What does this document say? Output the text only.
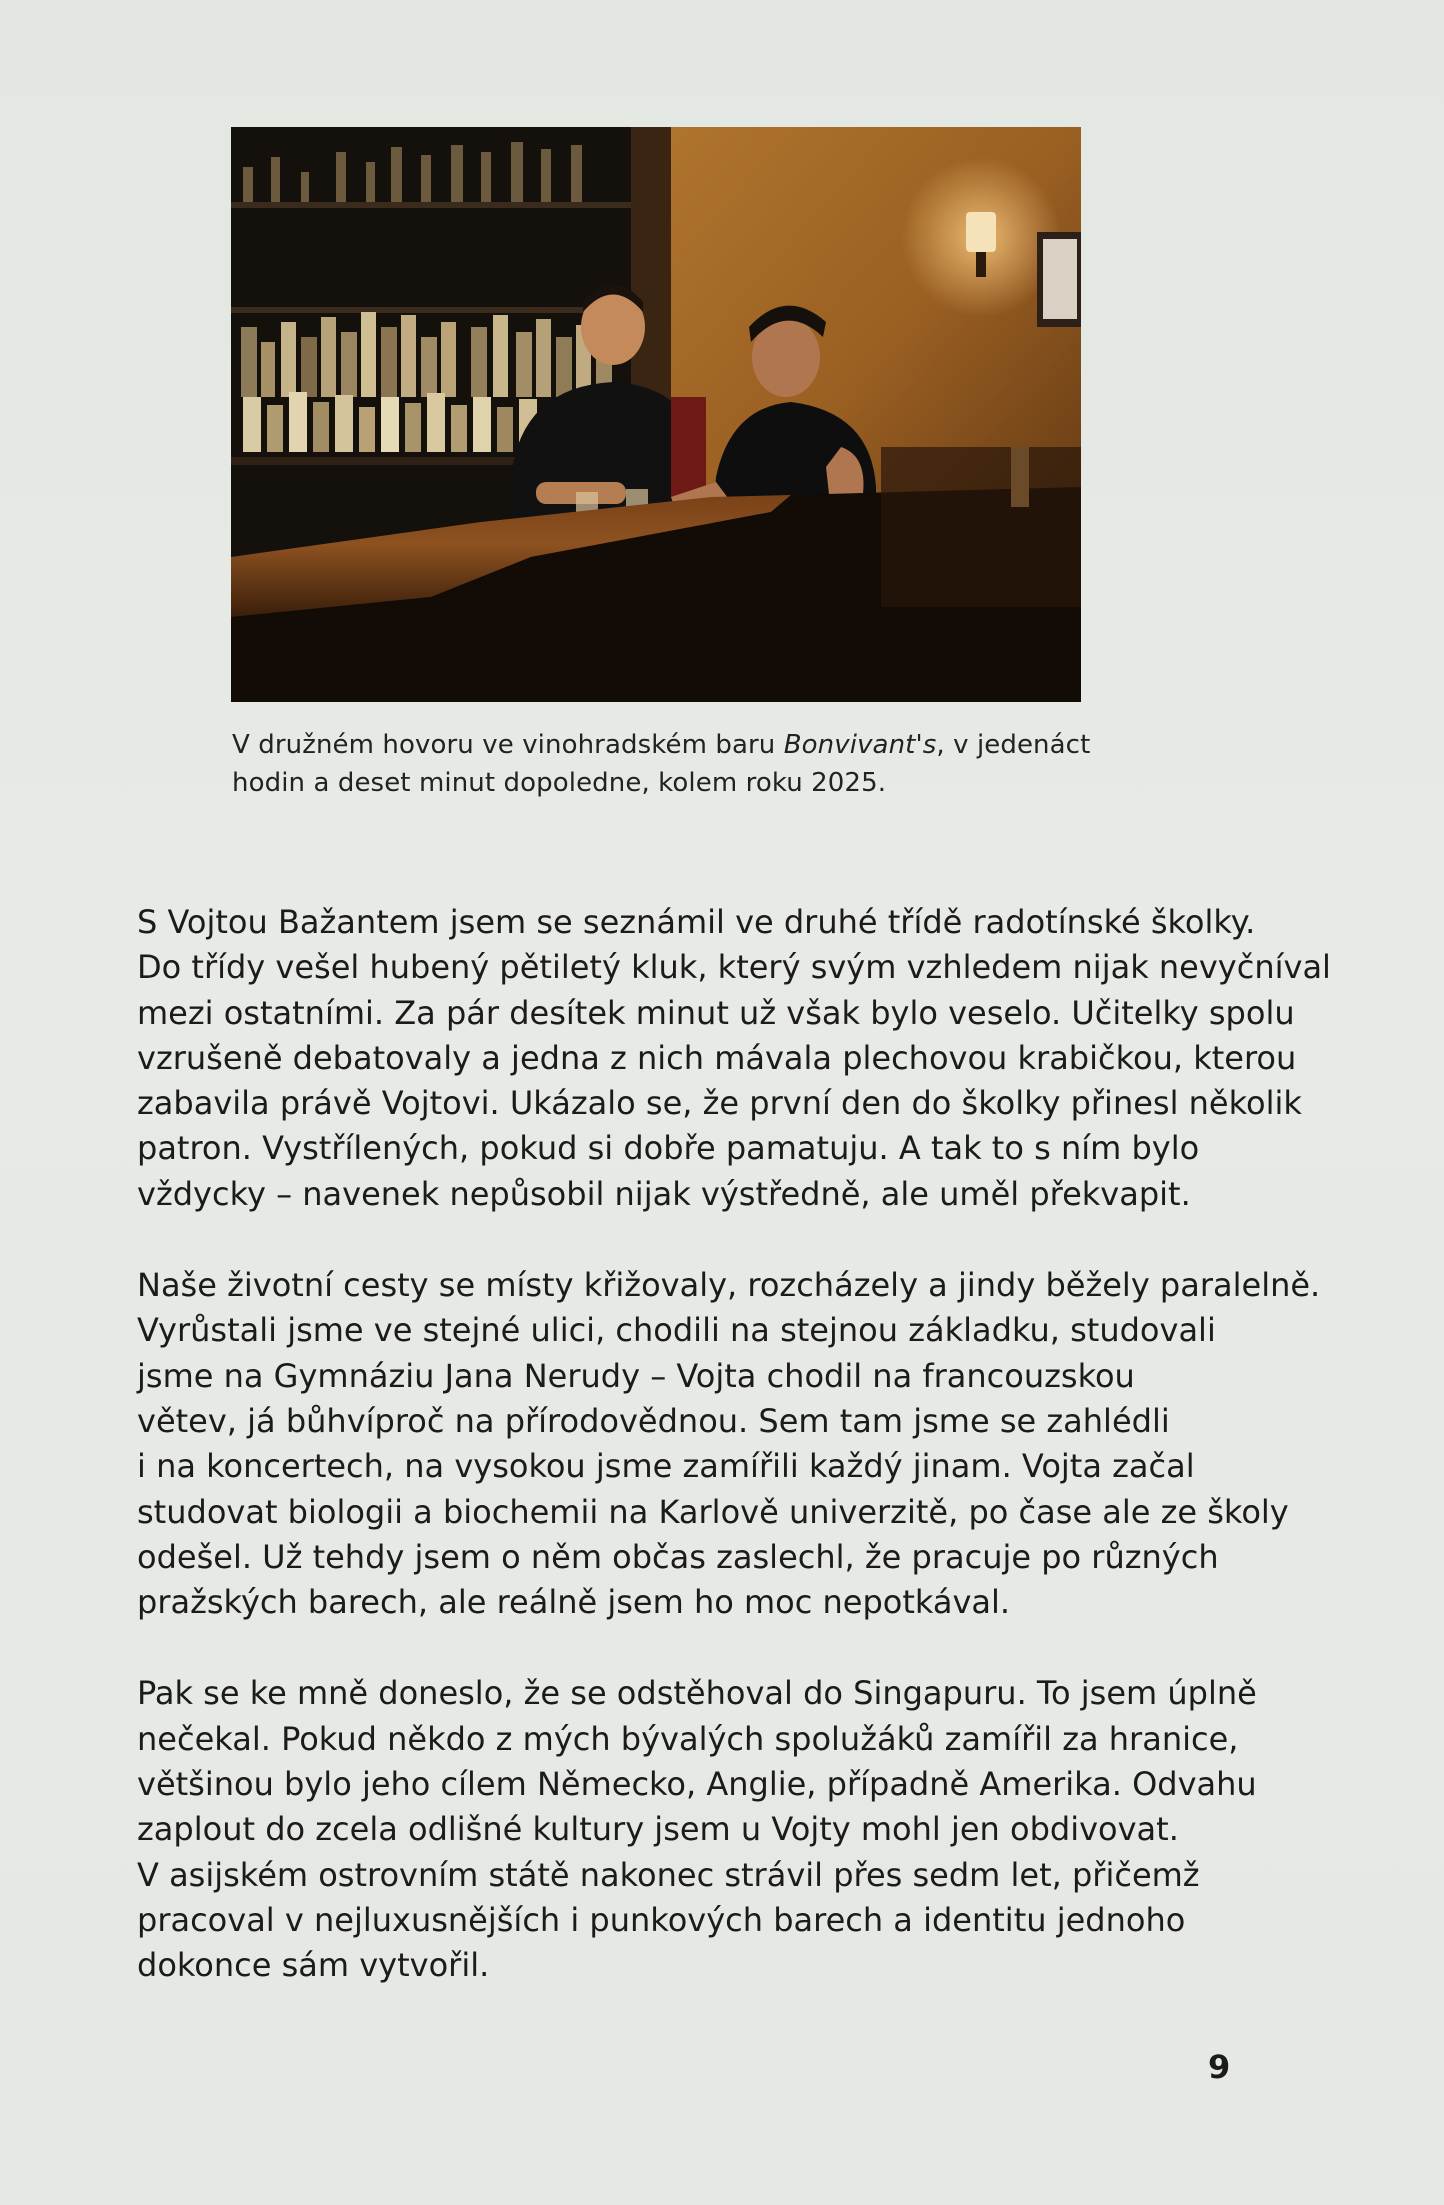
V družném hovoru ve vinohradském baru Bonvivant's, v jedenáct
hodin a deset minut dopoledne, kolem roku 2025.
S Vojtou Bažantem jsem se seznámil ve druhé třídě radotínské školky.
Do třídy vešel hubený pětiletý kluk, který svým vzhledem nijak nevyčníval
mezi ostatními. Za pár desítek minut už však bylo veselo. Učitelky spolu
vzrušeně debatovaly a jedna z nich mávala plechovou krabičkou, kterou
zabavila právě Vojtovi. Ukázalo se, že první den do školky přinesl několik
patron. Vystřílených, pokud si dobře pamatuju. A tak to s ním bylo
vždycky – navenek nepůsobil nijak výstředně, ale uměl překvapit.
Naše životní cesty se místy křižovaly, rozcházely a jindy běžely paralelně.
Vyrůstali jsme ve stejné ulici, chodili na stejnou základku, studovali
jsme na Gymnáziu Jana Nerudy – Vojta chodil na francouzskou
větev, já bůhvíproč na přírodovědnou. Sem tam jsme se zahlédli
i na koncertech, na vysokou jsme zamířili každý jinam. Vojta začal
studovat biologii a biochemii na Karlově univerzitě, po čase ale ze školy
odešel. Už tehdy jsem o něm občas zaslechl, že pracuje po různých
pražských barech, ale reálně jsem ho moc nepotkával.
Pak se ke mně doneslo, že se odstěhoval do Singapuru. To jsem úplně
nečekal. Pokud někdo z mých bývalých spolužáků zamířil za hranice,
většinou bylo jeho cílem Německo, Anglie, případně Amerika. Odvahu
zaplout do zcela odlišné kultury jsem u Vojty mohl jen obdivovat.
V asijském ostrovním státě nakonec strávil přes sedm let, přičemž
pracoval v nejluxusnějších i punkových barech a identitu jednoho
dokonce sám vytvořil.
9
